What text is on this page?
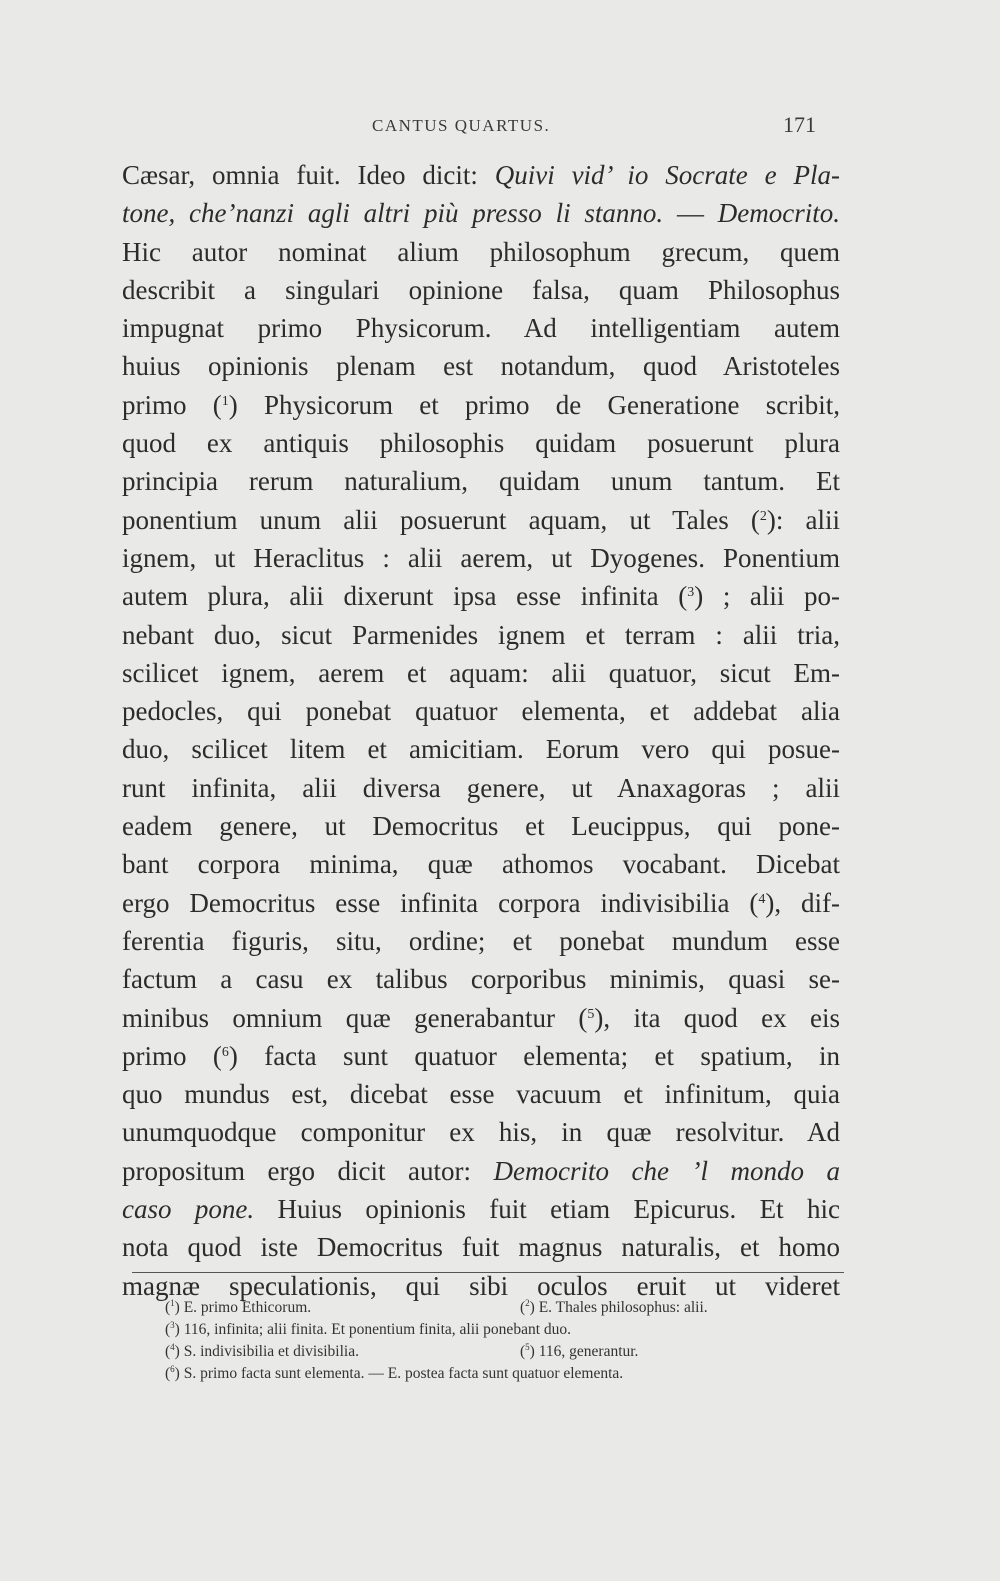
CANTUS QUARTUS.	171
Cæsar, omnia fuit. Ideo dicit: Quivi vid’ io Socrate e Pla-
tone, che’nanzi agli altri più presso li stanno. — Democrito.
Hic autor nominat alium philosophum grecum, quem
describit a singulari opinione falsa, quam Philosophus
impugnat primo Physicorum. Ad intelligentiam autem
huius opinionis plenam est notandum, quod Aristoteles
primo ($^1$) Physicorum et primo de Generatione scribit,
quod ex antiquis philosophis quidam posuerunt plura
principia rerum naturalium, quidam unum tantum. Et
ponentium unum alii posuerunt aquam, ut Tales ($^2$): alii
ignem, ut Heraclitus : alii aerem, ut Dyogenes. Ponentium
autem plura, alii dixerunt ipsa esse infinita ($^3$) ; alii po-
nebant duo, sicut Parmenides ignem et terram : alii tria,
scilicet ignem, aerem et aquam: alii quatuor, sicut Em-
pedocles, qui ponebat quatuor elementa, et addebat alia
duo, scilicet litem et amicitiam. Eorum vero qui posue-
runt infinita, alii diversa genere, ut Anaxagoras ; alii
eadem genere, ut Democritus et Leucippus, qui pone-
bant corpora minima, quæ athomos vocabant. Dicebat
ergo Democritus esse infinita corpora indivisibilia ($^4$), dif-
ferentia figuris, situ, ordine; et ponebat mundum esse
factum a casu ex talibus corporibus minimis, quasi se-
minibus omnium quæ generabantur ($^5$), ita quod ex eis
primo ($^6$) facta sunt quatuor elementa; et spatium, in
quo mundus est, dicebat esse vacuum et infinitum, quia
unumquodque componitur ex his, in quæ resolvitur. Ad
propositum ergo dicit autor: Democrito che ’l mondo a
caso pone. Huius opinionis fuit etiam Epicurus. Et hic
nota quod iste Democritus fuit magnus naturalis, et homo
magnæ speculationis, qui sibi oculos eruit ut videret
($^1$) E. primo Ethicorum.	($^2$) E. Thales philosophus: alii.
($^3$) 116, infinita; alii finita. Et ponentium finita, alii ponebant duo.
($^4$) S. indivisibilia et divisibilia.	($^5$) 116, generantur.
($^6$) S. primo facta sunt elementa. — E. postea facta sunt quatuor elementa.
